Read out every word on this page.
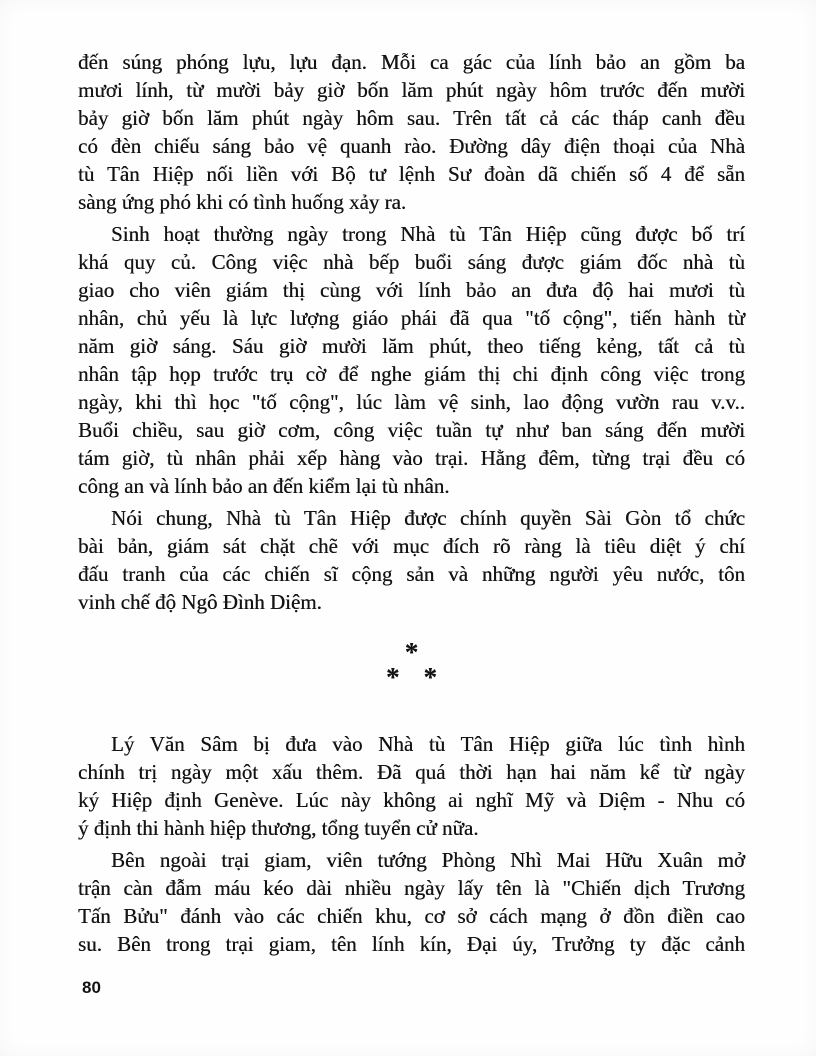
đến súng phóng lựu, lựu đạn. Mỗi ca gác của lính bảo an gồm ba
mươi lính, từ mười bảy giờ bốn lăm phút ngày hôm trước đến mười
bảy giờ bốn lăm phút ngày hôm sau. Trên tất cả các tháp canh đều
có đèn chiếu sáng bảo vệ quanh rào. Đường dây điện thoại của Nhà
tù Tân Hiệp nối liền với Bộ tư lệnh Sư đoàn dã chiến số 4 để sẵn
sàng ứng phó khi có tình huống xảy ra.
Sinh hoạt thường ngày trong Nhà tù Tân Hiệp cũng được bố trí
khá quy củ. Công việc nhà bếp buổi sáng được giám đốc nhà tù
giao cho viên giám thị cùng với lính bảo an đưa độ hai mươi tù
nhân, chủ yếu là lực lượng giáo phái đã qua "tố cộng", tiến hành từ
năm giờ sáng. Sáu giờ mười lăm phút, theo tiếng kẻng, tất cả tù
nhân tập họp trước trụ cờ để nghe giám thị chi định công việc trong
ngày, khi thì học "tố cộng", lúc làm vệ sinh, lao động vườn rau v.v..
Buổi chiều, sau giờ cơm, công việc tuần tự như ban sáng đến mười
tám giờ, tù nhân phải xếp hàng vào trại. Hằng đêm, từng trại đều có
công an và lính bảo an đến kiểm lại tù nhân.
Nói chung, Nhà tù Tân Hiệp được chính quyền Sài Gòn tổ chức
bài bản, giám sát chặt chẽ với mục đích rõ ràng là tiêu diệt ý chí
đấu tranh của các chiến sĩ cộng sản và những người yêu nước, tôn
vinh chế độ Ngô Đình Diệm.
*
* *
Lý Văn Sâm bị đưa vào Nhà tù Tân Hiệp giữa lúc tình hình
chính trị ngày một xấu thêm. Đã quá thời hạn hai năm kể từ ngày
ký Hiệp định Genève. Lúc này không ai nghĩ Mỹ và Diệm - Nhu có
ý định thi hành hiệp thương, tổng tuyển cử nữa.
Bên ngoài trại giam, viên tướng Phòng Nhì Mai Hữu Xuân mở
trận càn đẫm máu kéo dài nhiều ngày lấy tên là "Chiến dịch Trương
Tấn Bửu" đánh vào các chiến khu, cơ sở cách mạng ở đồn điền cao
su. Bên trong trại giam, tên lính kín, Đại úy, Trưởng ty đặc cảnh
80
